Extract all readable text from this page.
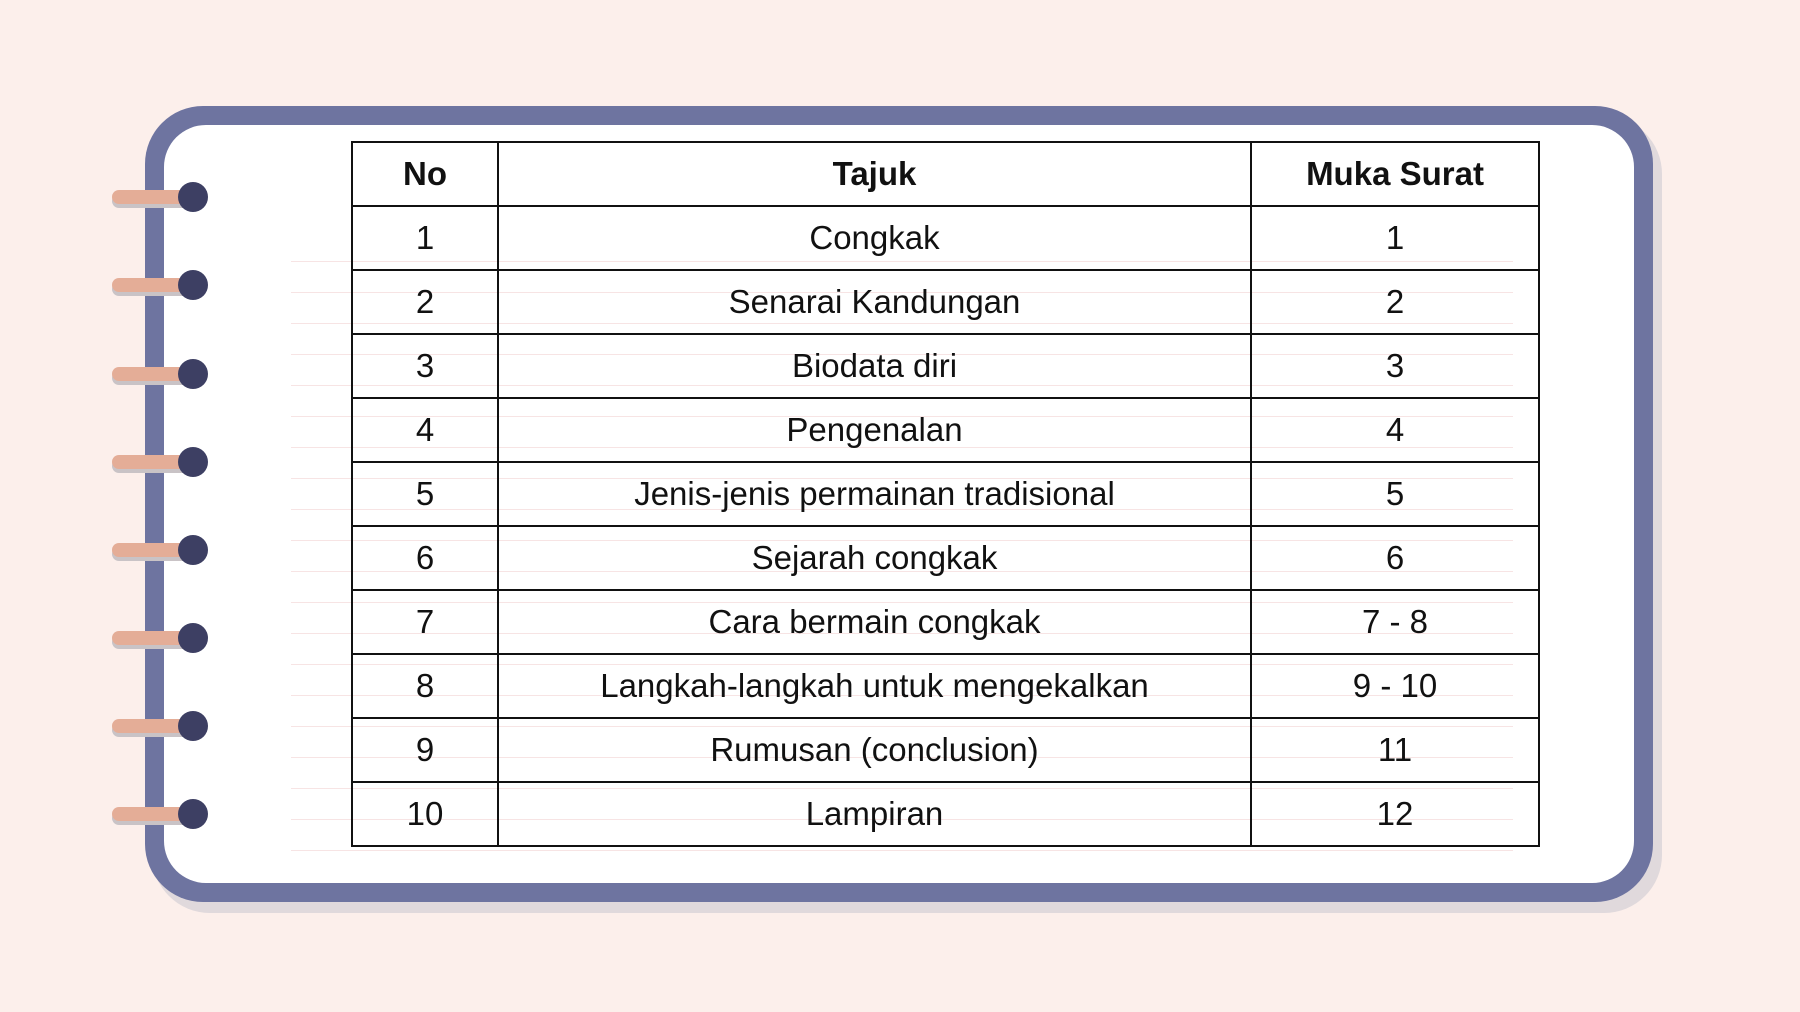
No	Tajuk	Muka Surat
1	Congkak	1
2	Senarai Kandungan	2
3	Biodata diri	3
4	Pengenalan	4
5	Jenis-jenis permainan tradisional	5
6	Sejarah congkak	6
7	Cara bermain congkak	7 - 8
8	Langkah-langkah untuk mengekalkan	9 - 10
9	Rumusan (conclusion)	11
10	Lampiran	12
